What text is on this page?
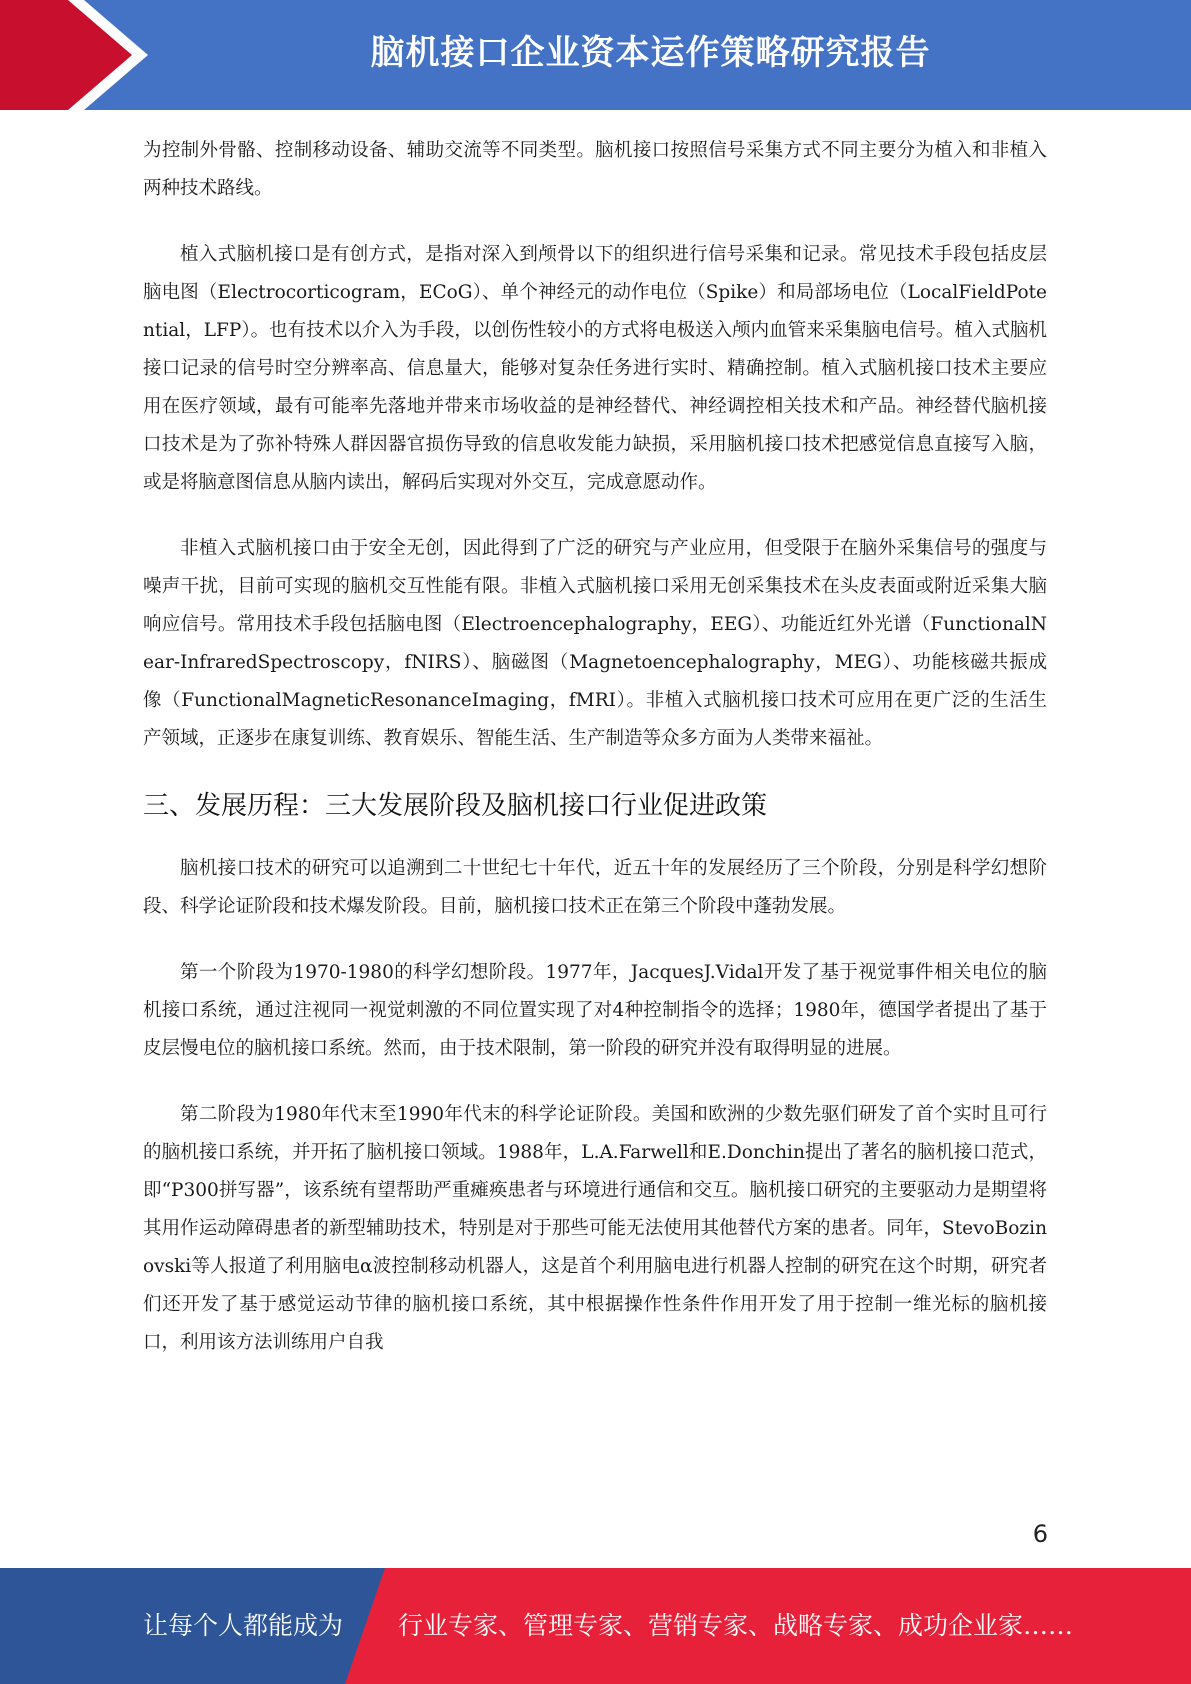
脑机接口企业资本运作策略研究报告

为控制外骨骼、控制移动设备、辅助交流等不同类型。脑机接口按照信号采集方式不同主要分为植入和非植入两种技术路线。

植入式脑机接口是有创方式，是指对深入到颅骨以下的组织进行信号采集和记录。常见技术手段包括皮层脑电图（Electrocorticogram，ECoG）、单个神经元的动作电位（Spike）和局部场电位（LocalFieldPotential，LFP）。也有技术以介入为手段，以创伤性较小的方式将电极送入颅内血管来采集脑电信号。植入式脑机接口记录的信号时空分辨率高、信息量大，能够对复杂任务进行实时、精确控制。植入式脑机接口技术主要应用在医疗领域，最有可能率先落地并带来市场收益的是神经替代、神经调控相关技术和产品。神经替代脑机接口技术是为了弥补特殊人群因器官损伤导致的信息收发能力缺损，采用脑机接口技术把感觉信息直接写入脑，或是将脑意图信息从脑内读出，解码后实现对外交互，完成意愿动作。

非植入式脑机接口由于安全无创，因此得到了广泛的研究与产业应用，但受限于在脑外采集信号的强度与噪声干扰，目前可实现的脑机交互性能有限。非植入式脑机接口采用无创采集技术在头皮表面或附近采集大脑响应信号。常用技术手段包括脑电图（Electroencephalography，EEG）、功能近红外光谱（FunctionalNear-InfraredSpectroscopy，fNIRS）、脑磁图（Magnetoencephalography，MEG）、功能核磁共振成像（FunctionalMagneticResonanceImaging，fMRI）。非植入式脑机接口技术可应用在更广泛的生活生产领域，正逐步在康复训练、教育娱乐、智能生活、生产制造等众多方面为人类带来福祉。

三、发展历程：三大发展阶段及脑机接口行业促进政策

脑机接口技术的研究可以追溯到二十世纪七十年代，近五十年的发展经历了三个阶段，分别是科学幻想阶段、科学论证阶段和技术爆发阶段。目前，脑机接口技术正在第三个阶段中蓬勃发展。

第一个阶段为1970-1980的科学幻想阶段。1977年，JacquesJ.Vidal开发了基于视觉事件相关电位的脑机接口系统，通过注视同一视觉刺激的不同位置实现了对4种控制指令的选择；1980年，德国学者提出了基于皮层慢电位的脑机接口系统。然而，由于技术限制，第一阶段的研究并没有取得明显的进展。

第二阶段为1980年代末至1990年代末的科学论证阶段。美国和欧洲的少数先驱们研发了首个实时且可行的脑机接口系统，并开拓了脑机接口领域。1988年，L.A.Farwell和E.Donchin提出了著名的脑机接口范式，即“P300拼写器”，该系统有望帮助严重瘫痪患者与环境进行通信和交互。脑机接口研究的主要驱动力是期望将其用作运动障碍患者的新型辅助技术，特别是对于那些可能无法使用其他替代方案的患者。同年，StevoBozinovski等人报道了利用脑电α波控制移动机器人，这是首个利用脑电进行机器人控制的研究在这个时期，研究者们还开发了基于感觉运动节律的脑机接口系统，其中根据操作性条件作用开发了用于控制一维光标的脑机接口，利用该方法训练用户自我

6
让每个人都能成为 行业专家、管理专家、营销专家、战略专家、成功企业家……
